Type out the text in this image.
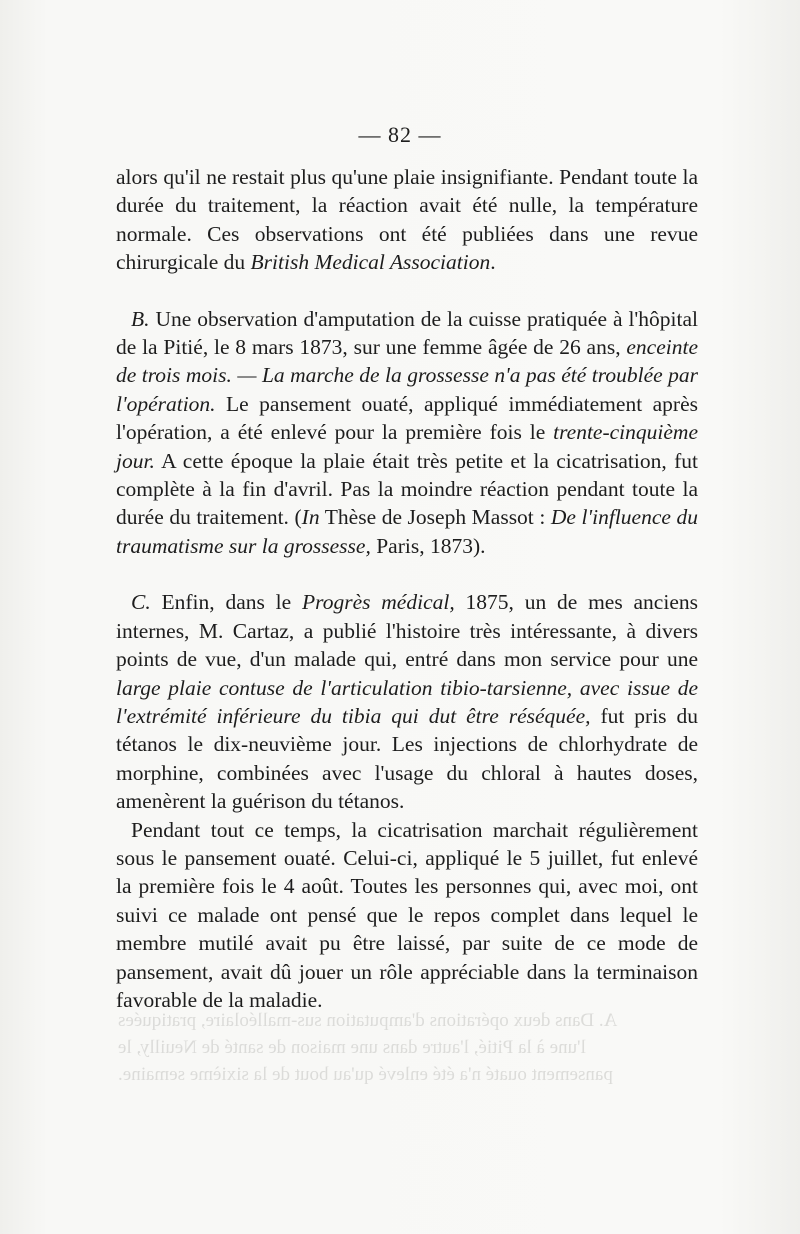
A. Dans deux opérations d'amputation sus-malléolaire, pratiquées
l'une à la Pitié, l'autre dans une maison de santé de Neuilly, le
pansement ouaté n'a été enlevé qu'au bout de la sixième semaine.
— 82 —

alors qu'il ne restait plus qu'une plaie insignifiante. Pendant toute la durée du traitement, la réaction avait été nulle, la température normale. Ces observations ont été publiées dans une revue chirurgicale du British Medical Association.

B. Une observation d'amputation de la cuisse pratiquée à l'hôpital de la Pitié, le 8 mars 1873, sur une femme âgée de 26 ans, enceinte de trois mois. — La marche de la grossesse n'a pas été troublée par l'opération. Le pansement ouaté, appliqué immédiatement après l'opération, a été enlevé pour la première fois le trente-cinquième jour. A cette époque la plaie était très petite et la cicatrisation, fut complète à la fin d'avril. Pas la moindre réaction pendant toute la durée du traitement. (In Thèse de Joseph Massot : De l'influence du traumatisme sur la grossesse, Paris, 1873).

C. Enfin, dans le Progrès médical, 1875, un de mes anciens internes, M. Cartaz, a publié l'histoire très intéressante, à divers points de vue, d'un malade qui, entré dans mon service pour une large plaie contuse de l'articulation tibio-tarsienne, avec issue de l'extrémité inférieure du tibia qui dut être réséquée, fut pris du tétanos le dix-neuvième jour. Les injections de chlorhydrate de morphine, combinées avec l'usage du chloral à hautes doses, amenèrent la guérison du tétanos.

Pendant tout ce temps, la cicatrisation marchait régulièrement sous le pansement ouaté. Celui-ci, appliqué le 5 juillet, fut enlevé la première fois le 4 août. Toutes les personnes qui, avec moi, ont suivi ce malade ont pensé que le repos complet dans lequel le membre mutilé avait pu être laissé, par suite de ce mode de pansement, avait dû jouer un rôle appréciable dans la terminaison favorable de la maladie.
